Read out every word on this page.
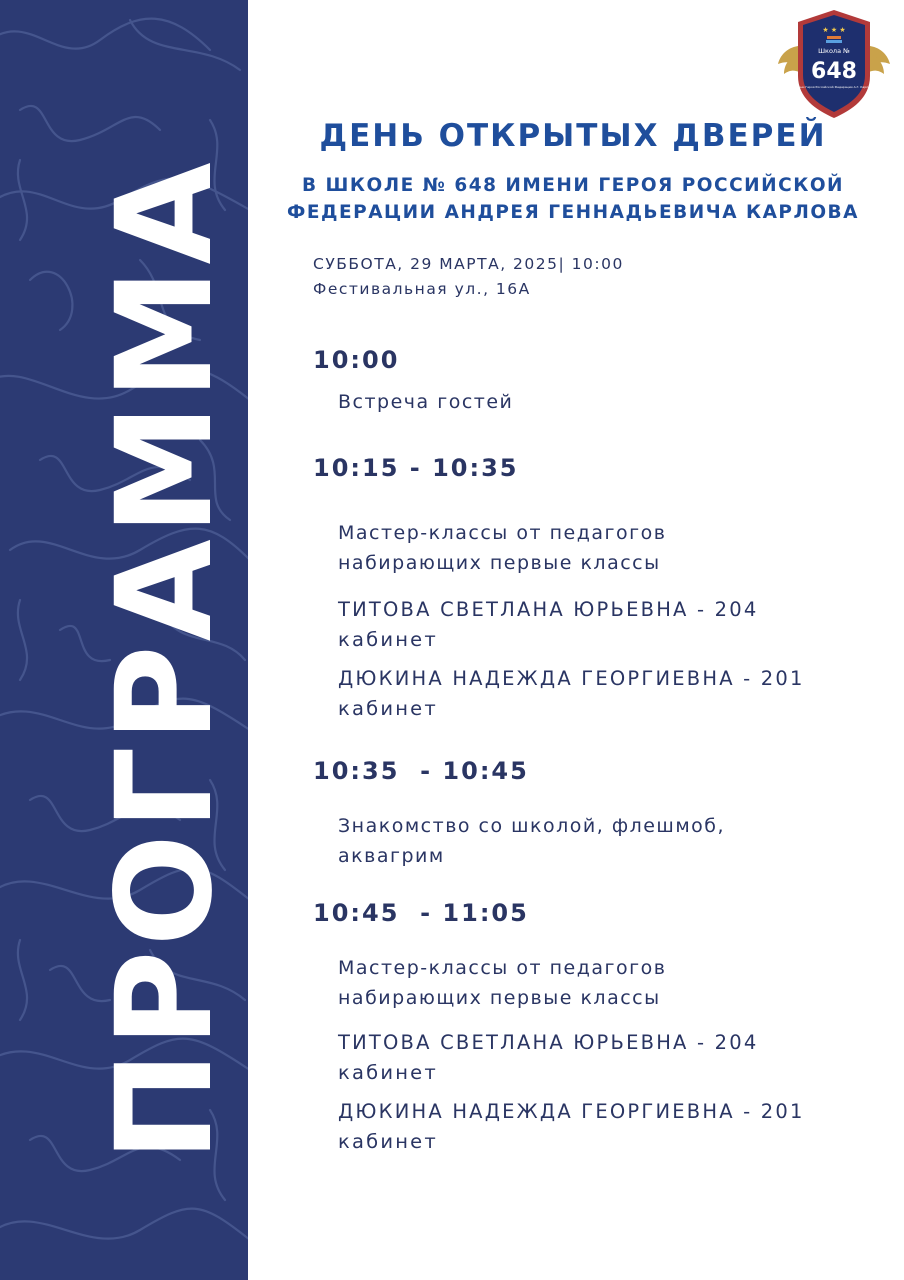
ПРОГРАММА
★ ★ ★
Школа №
648
имени Героя Российской Федерации А.Г. Карлова
ДЕНЬ ОТКРЫТЫХ ДВЕРЕЙ
В ШКОЛЕ № 648 ИМЕНИ ГЕРОЯ РОССИЙСКОЙ
ФЕДЕРАЦИИ АНДРЕЯ ГЕННАДЬЕВИЧА КАРЛОВА
СУББОТА, 29 МАРТА, 2025| 10:00
Фестивальная ул., 16А
10:00
Встреча гостей
10:15 - 10:35
Мастер-классы от педагогов
набирающих первые классы
ТИТОВА СВЕТЛАНА ЮРЬЕВНА - 204
кабинет
ДЮКИНА НАДЕЖДА ГЕОРГИЕВНА - 201
кабинет
10:35  - 10:45
Знакомство со школой, флешмоб,
аквагрим
10:45  - 11:05
Мастер-классы от педагогов
набирающих первые классы
ТИТОВА СВЕТЛАНА ЮРЬЕВНА - 204
кабинет
ДЮКИНА НАДЕЖДА ГЕОРГИЕВНА - 201
кабинет
